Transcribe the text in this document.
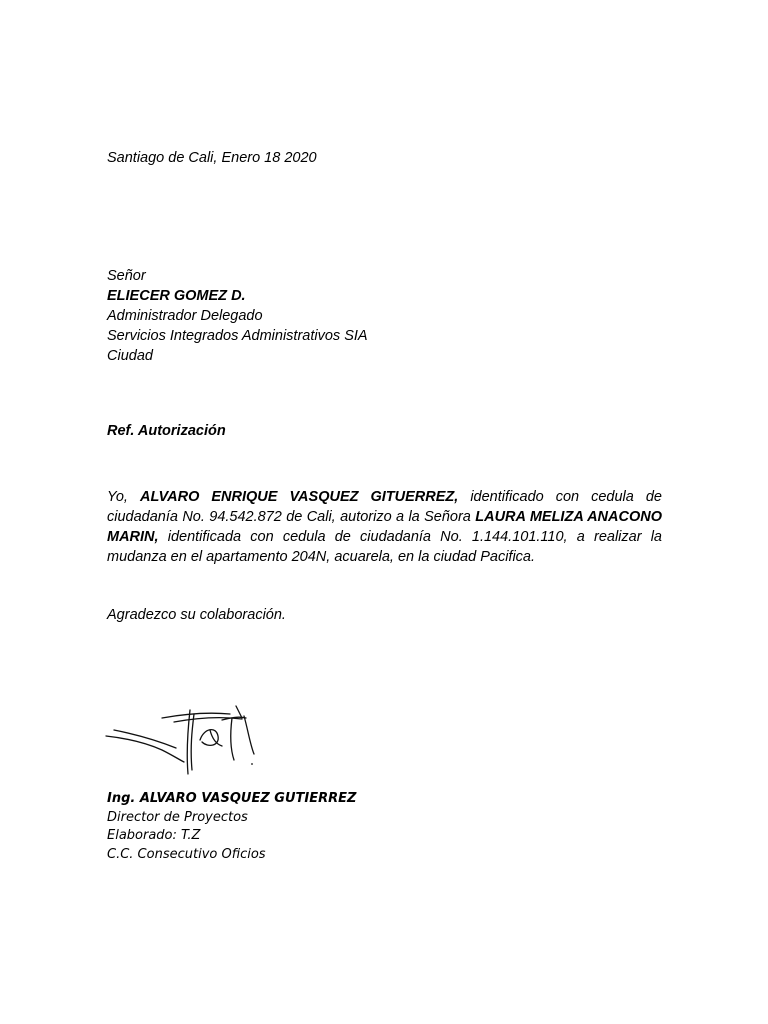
Santiago de Cali, Enero 18 2020
Señor
ELIECER GOMEZ D.
Administrador Delegado
Servicios Integrados Administrativos SIA
Ciudad
Ref. Autorización
Yo, ALVARO ENRIQUE VASQUEZ GITUERREZ, identificado con cedula de ciudadanía No. 94.542.872 de Cali, autorizo a la Señora LAURA MELIZA ANACONO MARIN, identificada con cedula de ciudadanía No. 1.144.101.110, a realizar la mudanza en el apartamento 204N, acuarela, en la ciudad Pacifica.
Agradezco su colaboración.
Ing. ALVARO VASQUEZ GUTIERREZ
Director de Proyectos
Elaborado: T.Z
C.C. Consecutivo Oficios
